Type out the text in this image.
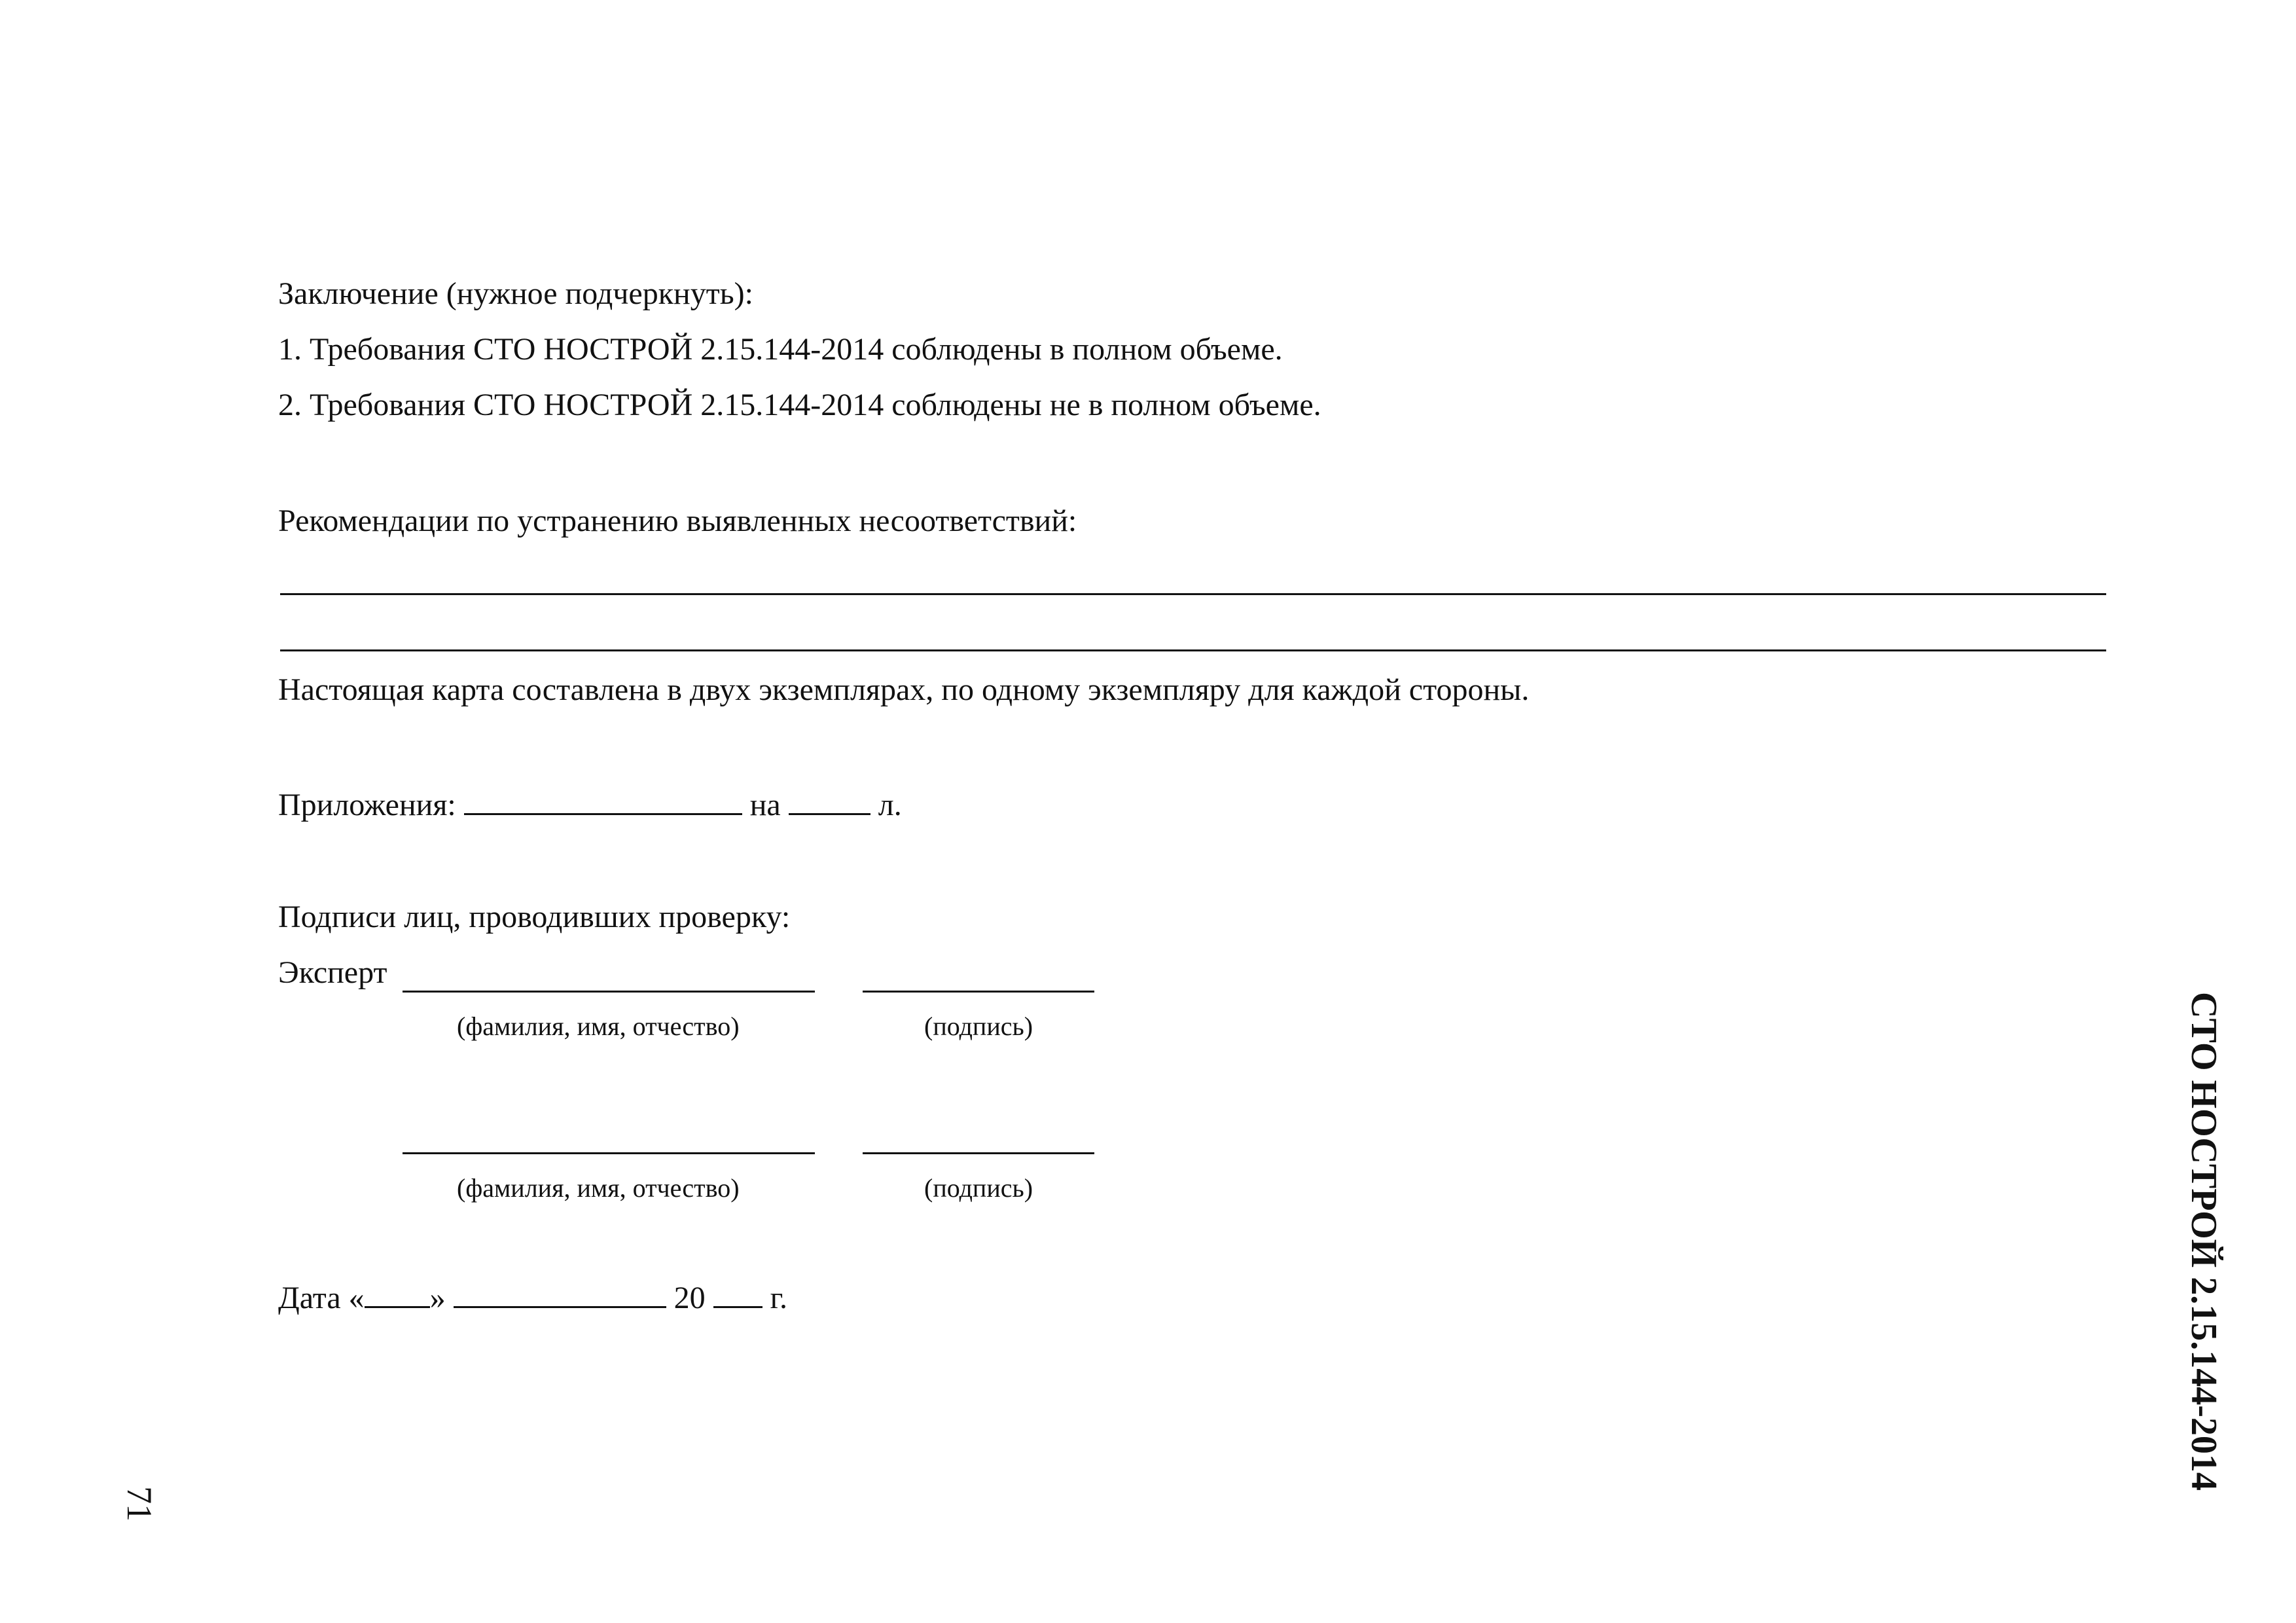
Заключение (нужное подчеркнуть):
1. Требования СТО НОСТРОЙ 2.15.144-2014 соблюдены в полном объеме.
2. Требования СТО НОСТРОЙ 2.15.144-2014 соблюдены не в полном объеме.
Рекомендации по устранению выявленных несоответствий:
Настоящая карта составлена в двух экземплярах, по одному экземпляру для каждой стороны.
Приложения:	на	л.
Подписи лиц, проводивших проверку:
Эксперт
(фамилия, имя, отчество)	(подпись)
(фамилия, имя, отчество)	(подпись)
Дата « »	20 г.	СТО НОСТРОЙ 2.15.144-2014
71
